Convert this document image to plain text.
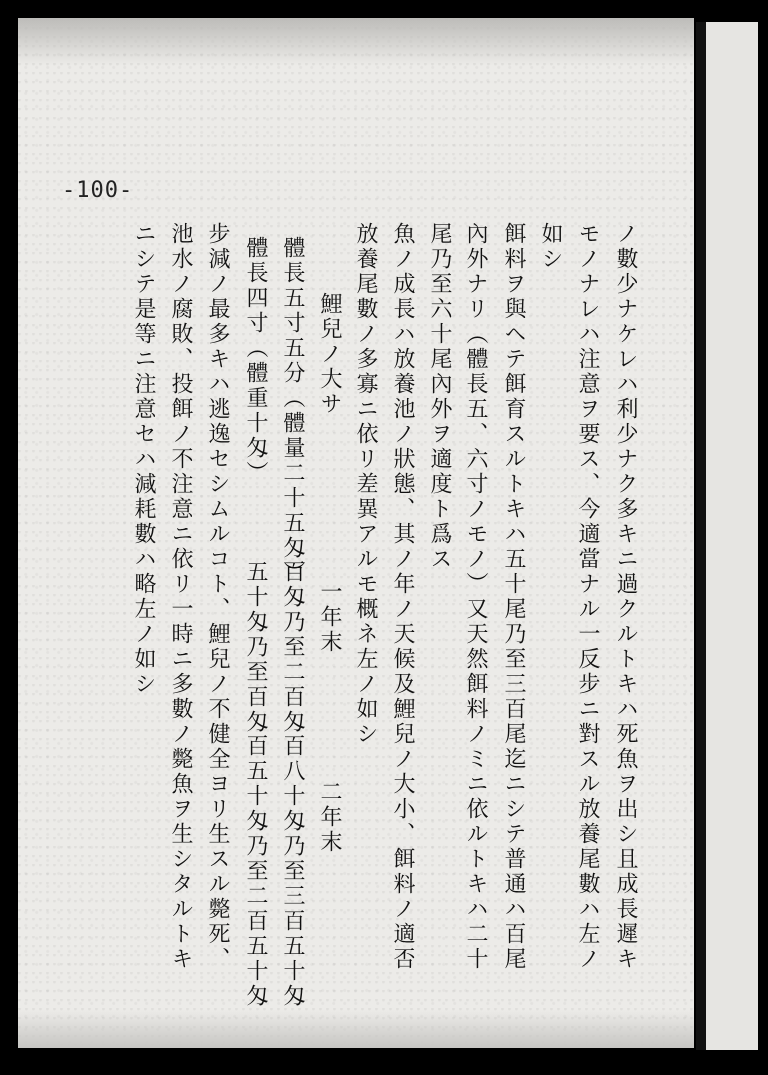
-100-
ノ數少ナケレハ利少ナク多キニ過クルトキハ死魚ヲ出シ且成長遲キ
モノナレハ注意ヲ要ス、今適當ナル一反步ニ對スル放養尾數ハ左ノ
如シ
餌料ヲ與ヘテ餌育スルトキハ五十尾乃至三百尾迄ニシテ普通ハ百尾
內外ナリ（體長五、六寸ノモノ）又天然餌料ノミニ依ルトキハ二十
尾乃至六十尾內外ヲ適度ト爲ス
魚ノ成長ハ放養池ノ狀態、其ノ年ノ天候及鯉兒ノ大小、餌料ノ適否
放養尾數ノ多寡ニ依リ差異アルモ概ネ左ノ如シ
鯉兒ノ大サ
一年末
二年末
體長五寸五分（體量二十五匁）
百匁乃至二百匁
百八十匁乃至三百五十匁
體長四寸（體重十匁）
五十匁乃至百匁
百五十匁乃至二百五十匁
步減ノ最多キハ逃逸セシムルコト、鯉兒ノ不健全ヨリ生スル斃死、
池水ノ腐敗、投餌ノ不注意ニ依リ一時ニ多數ノ斃魚ヲ生シタルトキ
ニシテ是等ニ注意セハ減耗數ハ略左ノ如シ
